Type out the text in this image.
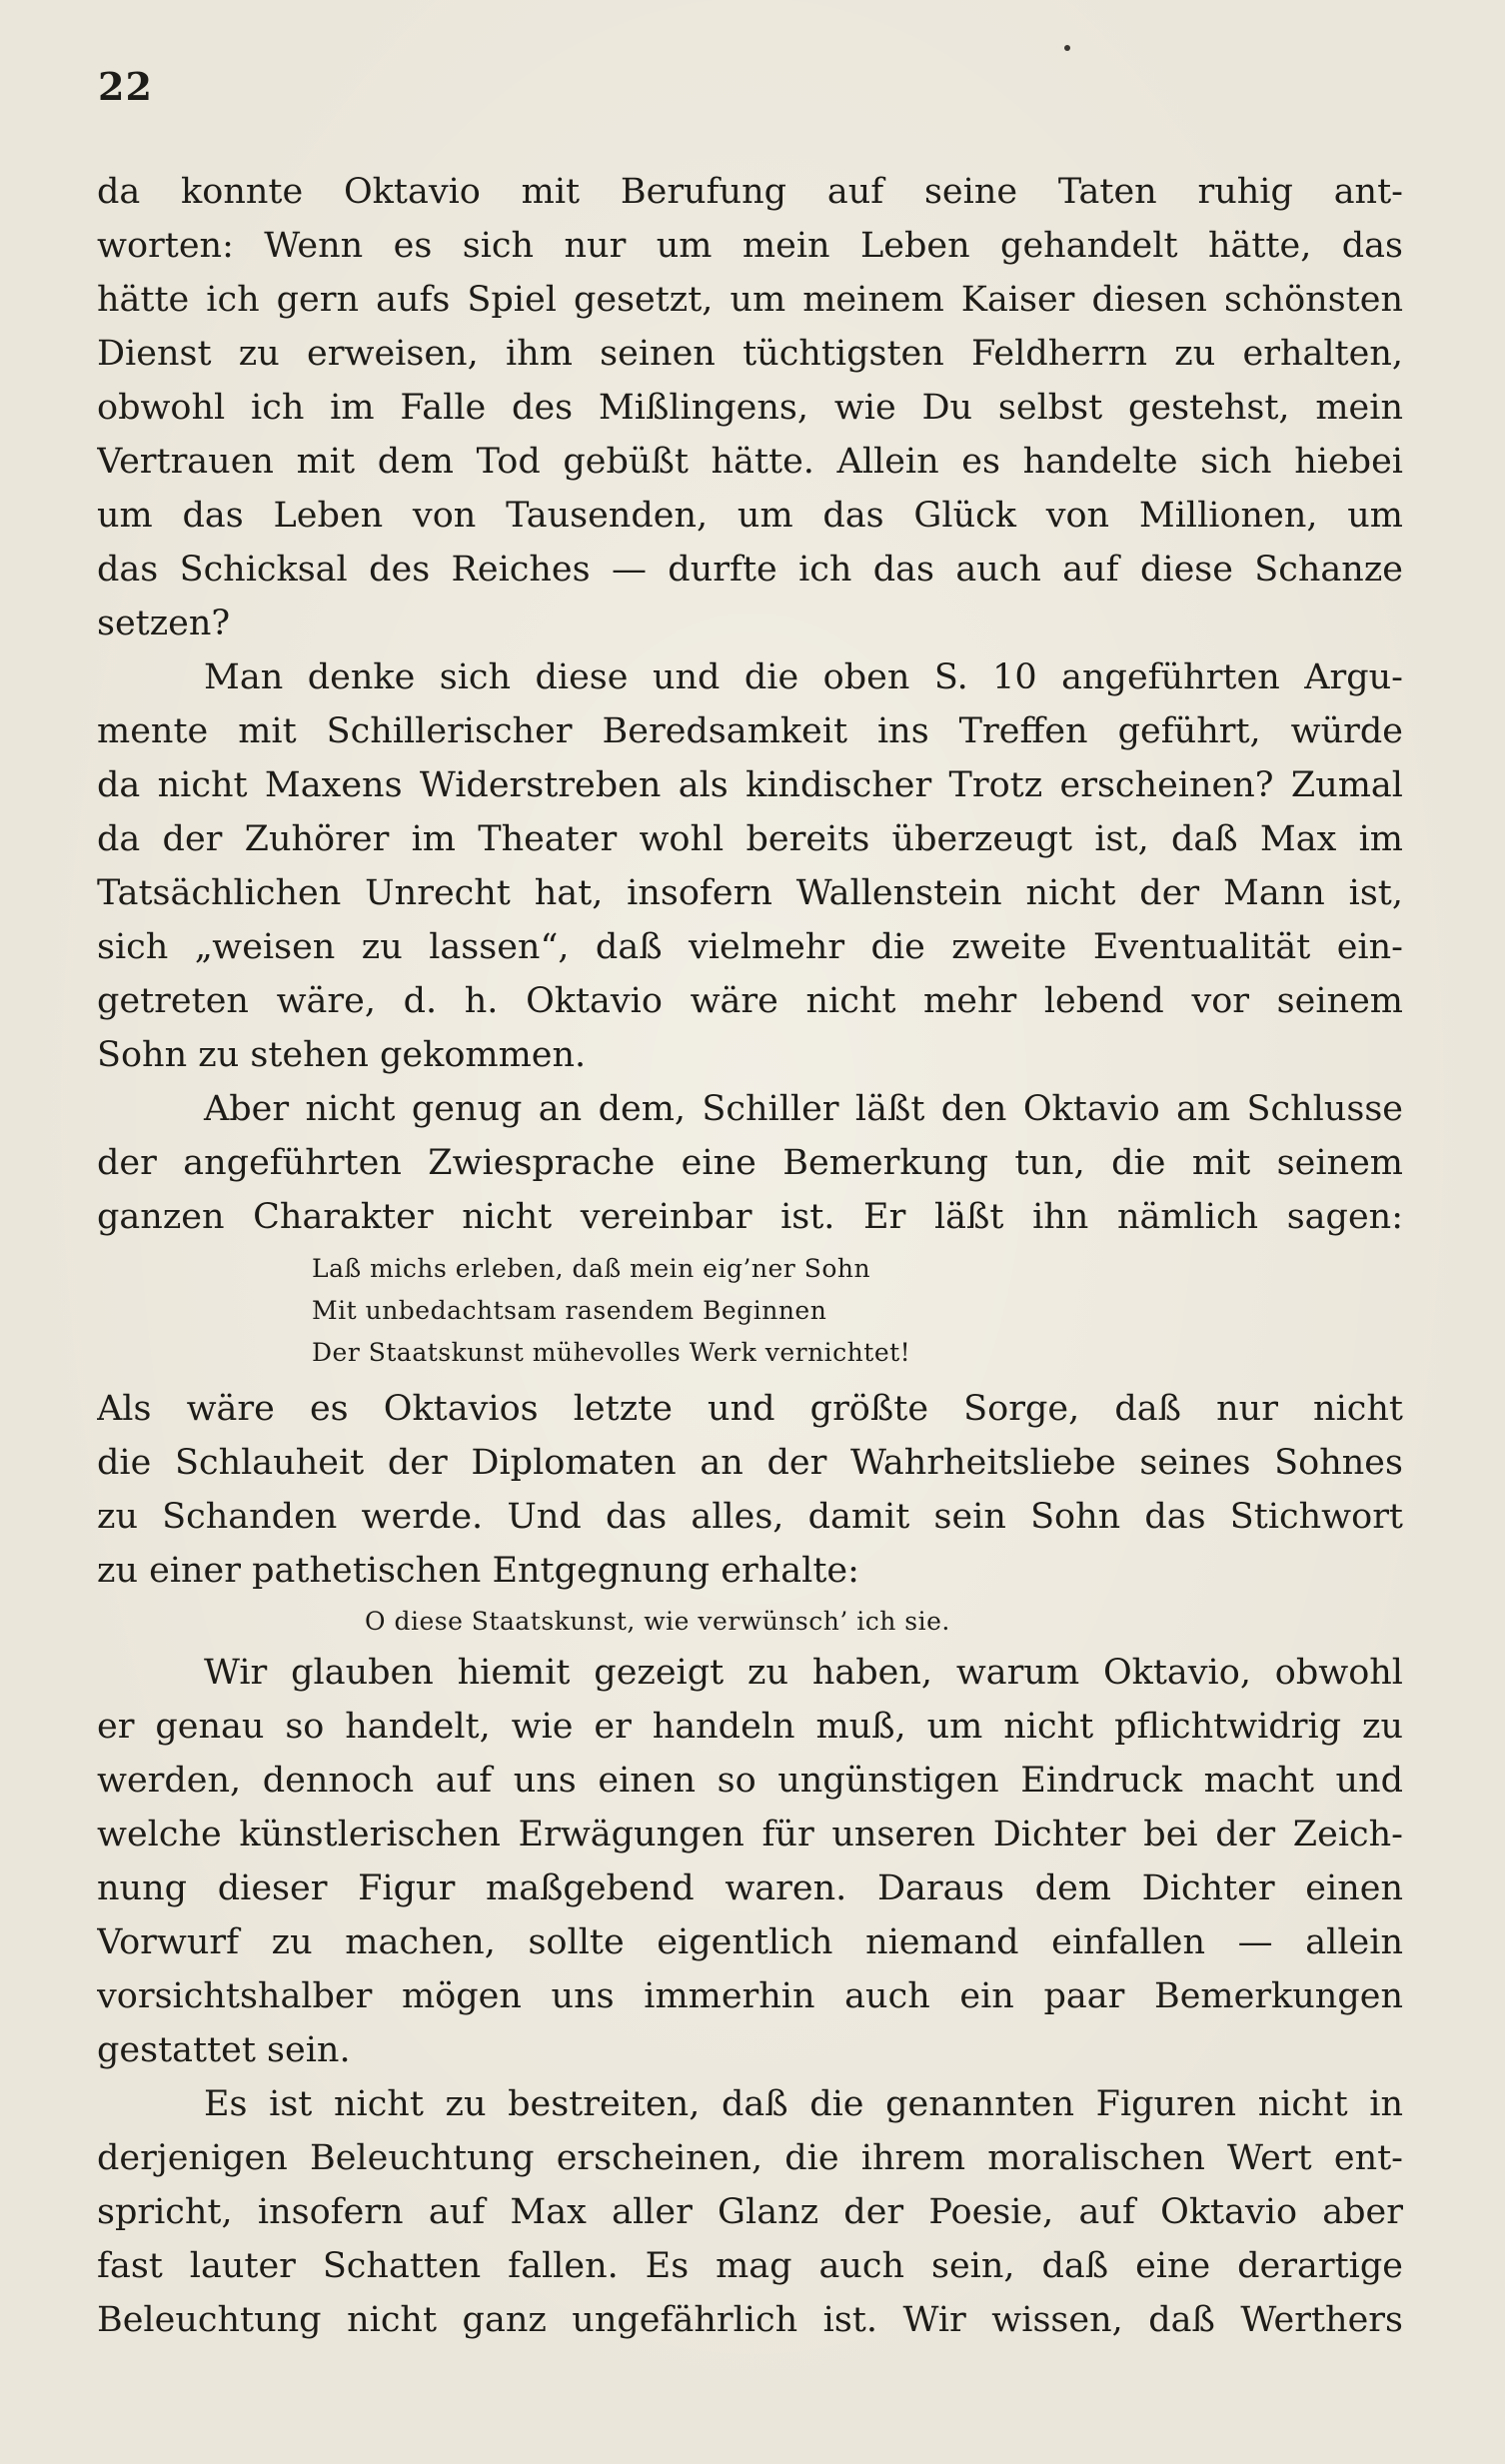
22
da konnte Oktavio mit Berufung auf seine Taten ruhig ant-
worten: Wenn es sich nur um mein Leben gehandelt hätte, das
hätte ich gern aufs Spiel gesetzt, um meinem Kaiser diesen schönsten
Dienst zu erweisen, ihm seinen tüchtigsten Feldherrn zu erhalten,
obwohl ich im Falle des Mißlingens, wie Du selbst gestehst, mein
Vertrauen mit dem Tod gebüßt hätte. Allein es handelte sich hiebei
um das Leben von Tausenden, um das Glück von Millionen, um
das Schicksal des Reiches — durfte ich das auch auf diese Schanze
setzen?
Man denke sich diese und die oben S. 10 angeführten Argu-
mente mit Schillerischer Beredsamkeit ins Treffen geführt, würde
da nicht Maxens Widerstreben als kindischer Trotz erscheinen? Zumal
da der Zuhörer im Theater wohl bereits überzeugt ist, daß Max im
Tatsächlichen Unrecht hat, insofern Wallenstein nicht der Mann ist,
sich „weisen zu lassen“, daß vielmehr die zweite Eventualität ein-
getreten wäre, d. h. Oktavio wäre nicht mehr lebend vor seinem
Sohn zu stehen gekommen.
Aber nicht genug an dem, Schiller läßt den Oktavio am Schlusse
der angeführten Zwiesprache eine Bemerkung tun, die mit seinem
ganzen Charakter nicht vereinbar ist. Er läßt ihn nämlich sagen:
Laß michs erleben, daß mein eig’ner Sohn
Mit unbedachtsam rasendem Beginnen
Der Staatskunst mühevolles Werk vernichtet!
Als wäre es Oktavios letzte und größte Sorge, daß nur nicht
die Schlauheit der Diplomaten an der Wahrheitsliebe seines Sohnes
zu Schanden werde. Und das alles, damit sein Sohn das Stichwort
zu einer pathetischen Entgegnung erhalte:
O diese Staatskunst, wie verwünsch’ ich sie.
Wir glauben hiemit gezeigt zu haben, warum Oktavio, obwohl
er genau so handelt, wie er handeln muß, um nicht pflichtwidrig zu
werden, dennoch auf uns einen so ungünstigen Eindruck macht und
welche künstlerischen Erwägungen für unseren Dichter bei der Zeich-
nung dieser Figur maßgebend waren. Daraus dem Dichter einen
Vorwurf zu machen, sollte eigentlich niemand einfallen — allein
vorsichtshalber mögen uns immerhin auch ein paar Bemerkungen
gestattet sein.
Es ist nicht zu bestreiten, daß die genannten Figuren nicht in
derjenigen Beleuchtung erscheinen, die ihrem moralischen Wert ent-
spricht, insofern auf Max aller Glanz der Poesie, auf Oktavio aber
fast lauter Schatten fallen. Es mag auch sein, daß eine derartige
Beleuchtung nicht ganz ungefährlich ist. Wir wissen, daß Werthers
